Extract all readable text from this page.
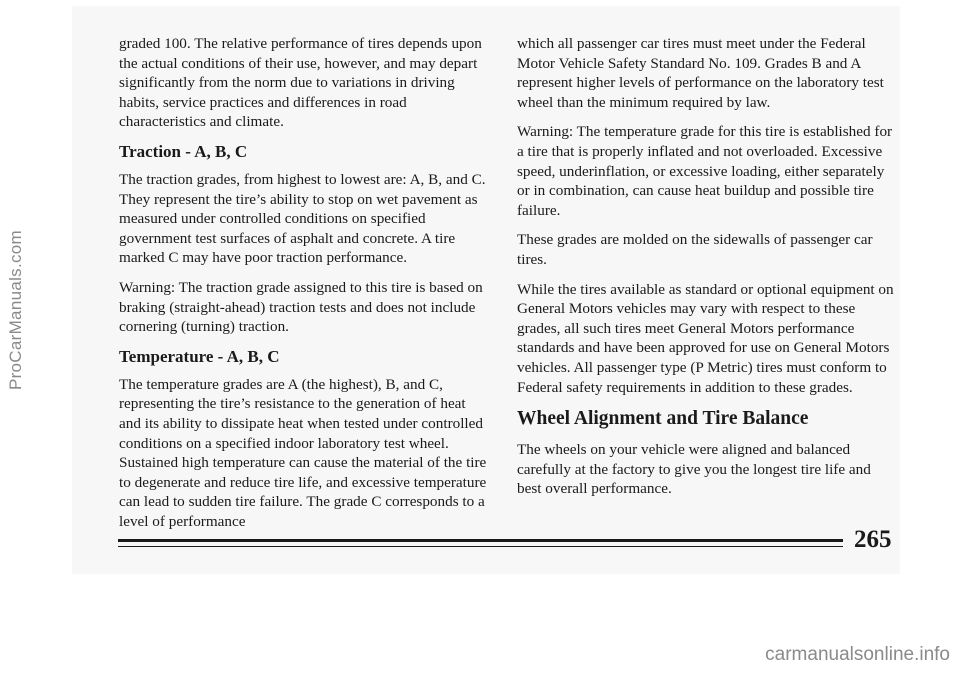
ProCarManuals.com

graded 100. The relative performance of tires depends upon the actual conditions of their use, however, and may depart significantly from the norm due to variations in driving habits, service practices and differences in road characteristics and climate.

Traction - A, B, C

The traction grades, from highest to lowest are: A, B, and C. They represent the tire’s ability to stop on wet pavement as measured under controlled conditions on specified government test surfaces of asphalt and concrete. A tire marked C may have poor traction performance.

Warning: The traction grade assigned to this tire is based on braking (straight-ahead) traction tests and does not include cornering (turning) traction.

Temperature - A, B, C

The temperature grades are A (the highest), B, and C, representing the tire’s resistance to the generation of heat and its ability to dissipate heat when tested under controlled conditions on a specified indoor laboratory test wheel. Sustained high temperature can cause the material of the tire to degenerate and reduce tire life, and excessive temperature can lead to sudden tire failure. The grade C corresponds to a level of performance

which all passenger car tires must meet under the Federal Motor Vehicle Safety Standard No. 109. Grades B and A represent higher levels of performance on the laboratory test wheel than the minimum required by law.

Warning: The temperature grade for this tire is established for a tire that is properly inflated and not overloaded. Excessive speed, underinflation, or excessive loading, either separately or in combination, can cause heat buildup and possible tire failure.

These grades are molded on the sidewalls of passenger car tires.

While the tires available as standard or optional equipment on General Motors vehicles may vary with respect to these grades, all such tires meet General Motors performance standards and have been approved for use on General Motors vehicles. All passenger type (P Metric) tires must conform to Federal safety requirements in addition to these grades.

Wheel Alignment and Tire Balance

The wheels on your vehicle were aligned and balanced carefully at the factory to give you the longest tire life and best overall performance.

265
carmanualsonline.info
